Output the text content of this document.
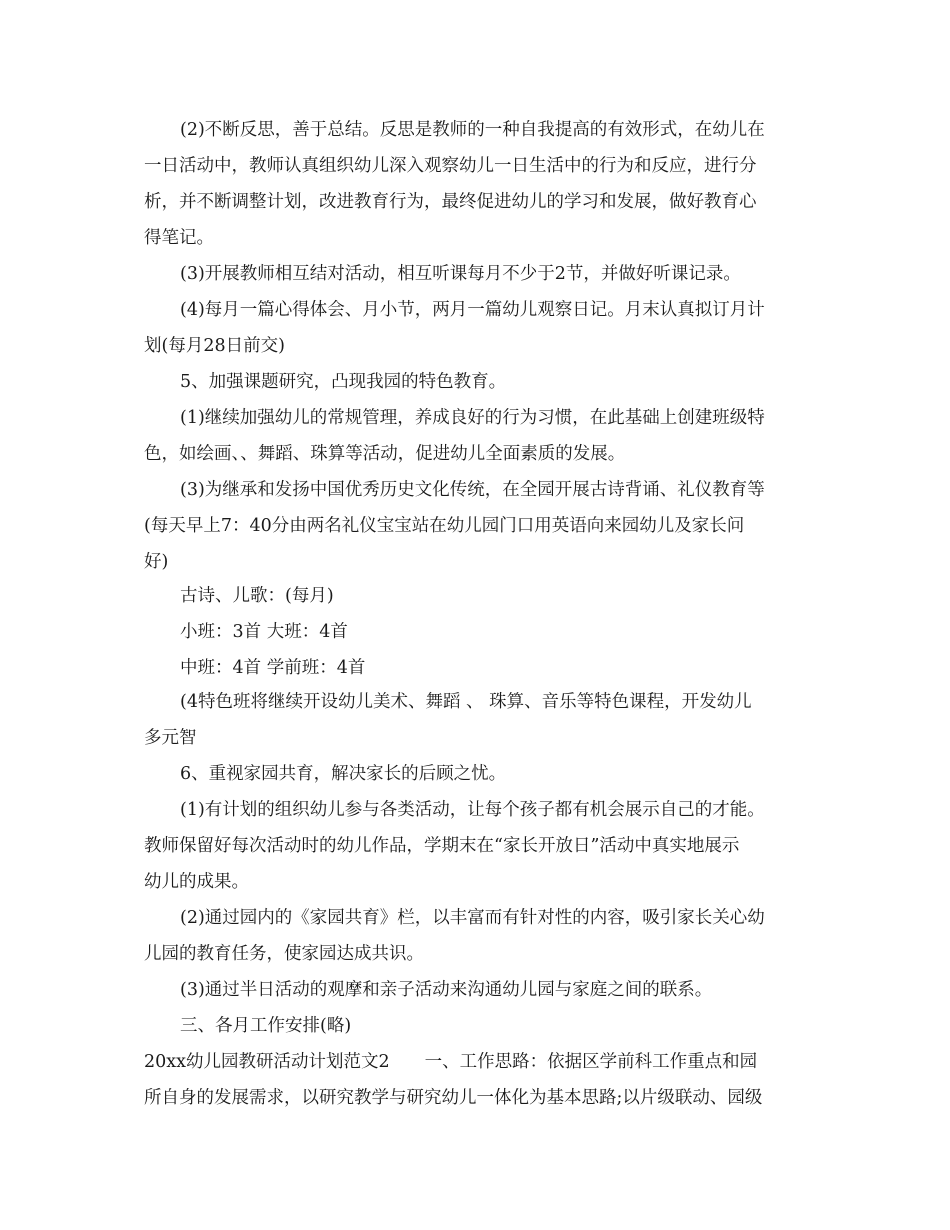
(2)不断反思，善于总结。反思是教师的一种自我提高的有效形式，在幼儿在
一日活动中，教师认真组织幼儿深入观察幼儿一日生活中的行为和反应，进行分
析，并不断调整计划，改进教育行为，最终促进幼儿的学习和发展，做好教育心
得笔记。
(3)开展教师相互结对活动，相互听课每月不少于2节，并做好听课记录。
(4)每月一篇心得体会、月小节，两月一篇幼儿观察日记。月末认真拟订月计
划(每月28日前交)
5、加强课题研究，凸现我园的特色教育。
(1)继续加强幼儿的常规管理，养成良好的行为习惯，在此基础上创建班级特
色，如绘画、、舞蹈、珠算等活动，促进幼儿全面素质的发展。
(3)为继承和发扬中国优秀历史文化传统，在全园开展古诗背诵、礼仪教育等
(每天早上7：40分由两名礼仪宝宝站在幼儿园门口用英语向来园幼儿及家长问
好)
古诗、儿歌：(每月)
小班：3首 大班：4首
中班：4首 学前班：4首
(4特色班将继续开设幼儿美术、舞蹈 、 珠算、音乐等特色课程，开发幼儿
多元智
6、重视家园共育，解决家长的后顾之忧。
(1)有计划的组织幼儿参与各类活动，让每个孩子都有机会展示自己的才能。
教师保留好每次活动时的幼儿作品，学期末在“家长开放日”活动中真实地展示
幼儿的成果。
(2)通过园内的《家园共育》栏，以丰富而有针对性的内容，吸引家长关心幼
儿园的教育任务，使家园达成共识。
(3)通过半日活动的观摩和亲子活动来沟通幼儿园与家庭之间的联系。
三、各月工作安排(略)
20xx幼儿园教研活动计划范文2　　一、工作思路：依据区学前科工作重点和园
所自身的发展需求，以研究教学与研究幼儿一体化为基本思路;以片级联动、园级
